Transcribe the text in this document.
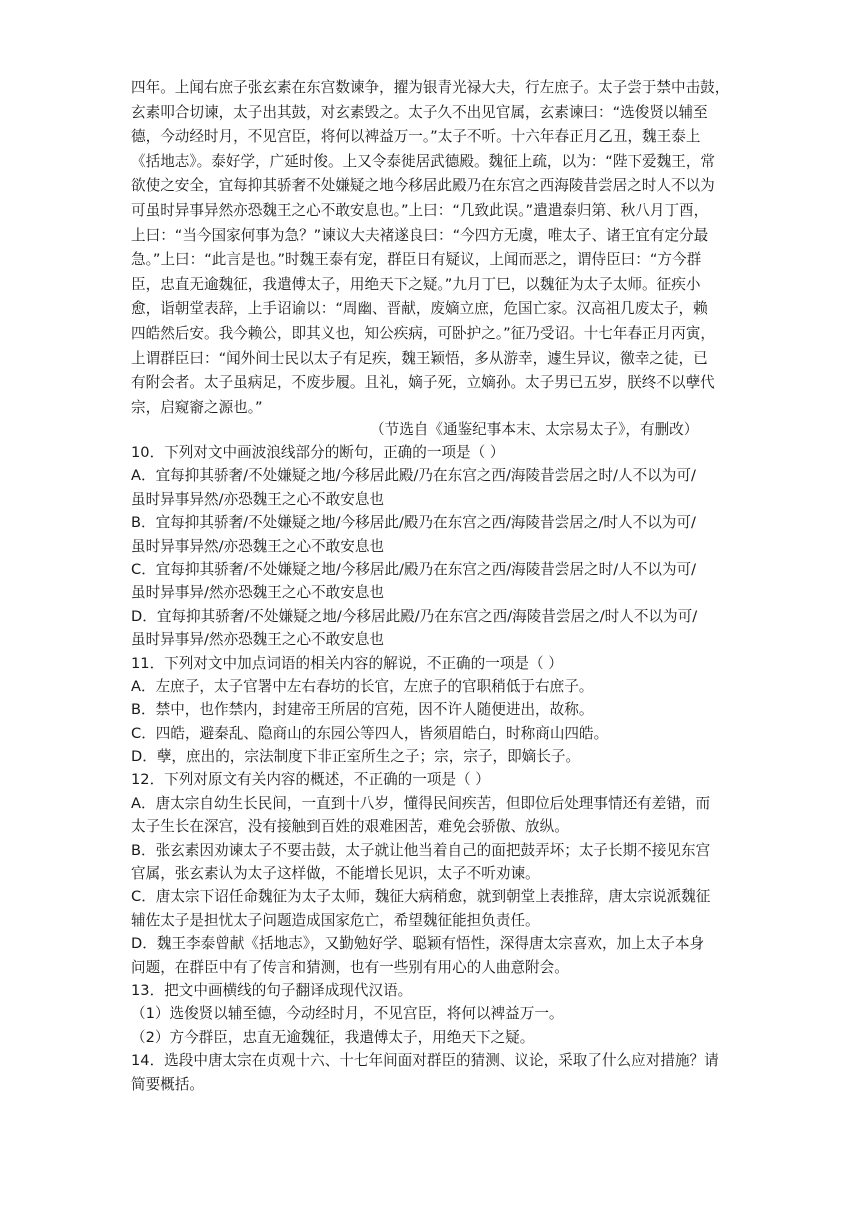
四年。上闻右庶子张玄素在东宫数谏争，擢为银青光禄大夫，行左庶子。太子尝于禁中击鼓，
玄素叩合切谏，太子出其鼓，对玄素毁之。太子久不出见官属，玄素谏曰：“选俊贤以辅至
德，今动经时月，不见宫臣，将何以裨益万一。”太子不听。十六年春正月乙丑，魏王泰上
《括地志》。泰好学，广延时俊。上又令泰徙居武德殿。魏征上疏，以为：“陛下爱魏王，常
欲使之安全，宜每抑其骄奢不处嫌疑之地今移居此殿乃在东宫之西海陵昔尝居之时人不以为
可虽时异事异然亦恐魏王之心不敢安息也。”上曰：“几致此误。”遣遣泰归第、秋八月丁酉，
上曰：“当今国家何事为急？”谏议大夫褚遂良曰：“今四方无虞，唯太子、诸王宜有定分最
急。”上曰：“此言是也。”时魏王泰有宠，群臣日有疑议，上闻而恶之，谓侍臣曰：“方今群
臣，忠直无逾魏征，我遣傅太子，用绝天下之疑。”九月丁巳，以魏征为太子太师。征疾小
愈，诣朝堂表辞，上手诏谕以：“周幽、晋献，废嫡立庶，危国亡家。汉高祖几废太子，赖
四皓然后安。我今赖公，即其义也，知公疾病，可卧护之。”征乃受诏。十七年春正月丙寅，
上谓群臣曰：“闻外间士民以太子有足疾，魏王颖悟，多从游幸，遽生异议，徼幸之徒，已
有附会者。太子虽病足，不废步履。且礼，嫡子死，立嫡孙。太子男已五岁，朕终不以孽代
宗，启窥窬之源也。”
（节选自《通鉴纪事本末、太宗易太子》，有删改）
10．下列对文中画波浪线部分的断句，正确的一项是（ ）
A．宜每抑其骄奢/不处嫌疑之地/今移居此殿/乃在东宫之西/海陵昔尝居之时/人不以为可/
虽时异事异然/亦恐魏王之心不敢安息也
B．宜每抑其骄奢/不处嫌疑之地/今移居此/殿乃在东宫之西/海陵昔尝居之/时人不以为可/
虽时异事异然/亦恐魏王之心不敢安息也
C．宜每抑其骄奢/不处嫌疑之地/今移居此/殿乃在东宫之西/海陵昔尝居之时/人不以为可/
虽时异事异/然亦恐魏王之心不敢安息也
D．宜每抑其骄奢/不处嫌疑之地/今移居此殿/乃在东宫之西/海陵昔尝居之/时人不以为可/
虽时异事异/然亦恐魏王之心不敢安息也
11．下列对文中加点词语的相关内容的解说，不正确的一项是（ ）
A．左庶子，太子官署中左右春坊的长官，左庶子的官职稍低于右庶子。
B．禁中，也作禁内，封建帝王所居的宫苑，因不许人随便进出，故称。
C．四皓，避秦乱、隐商山的东园公等四人，皆须眉皓白，时称商山四皓。
D．孽，庶出的，宗法制度下非正室所生之子；宗，宗子，即嫡长子。
12．下列对原文有关内容的概述，不正确的一项是（ ）
A．唐太宗自幼生长民间，一直到十八岁，懂得民间疾苦，但即位后处理事情还有差错，而
太子生长在深宫，没有接触到百姓的艰难困苦，难免会骄傲、放纵。
B．张玄素因劝谏太子不要击鼓，太子就让他当着自己的面把鼓弄坏；太子长期不接见东宫
官属，张玄素认为太子这样做，不能增长见识，太子不听劝谏。
C．唐太宗下诏任命魏征为太子太师，魏征大病稍愈，就到朝堂上表推辞，唐太宗说派魏征
辅佐太子是担忧太子问题造成国家危亡，希望魏征能担负责任。
D．魏王李泰曾献《括地志》，又勤勉好学、聪颖有悟性，深得唐太宗喜欢，加上太子本身
问题，在群臣中有了传言和猜测，也有一些别有用心的人曲意附会。
13．把文中画横线的句子翻译成现代汉语。
（1）选俊贤以辅至德，今动经时月，不见宫臣，将何以裨益万一。
（2）方今群臣，忠直无逾魏征，我遣傅太子，用绝天下之疑。
14．选段中唐太宗在贞观十六、十七年间面对群臣的猜测、议论，采取了什么应对措施？请
简要概括。
